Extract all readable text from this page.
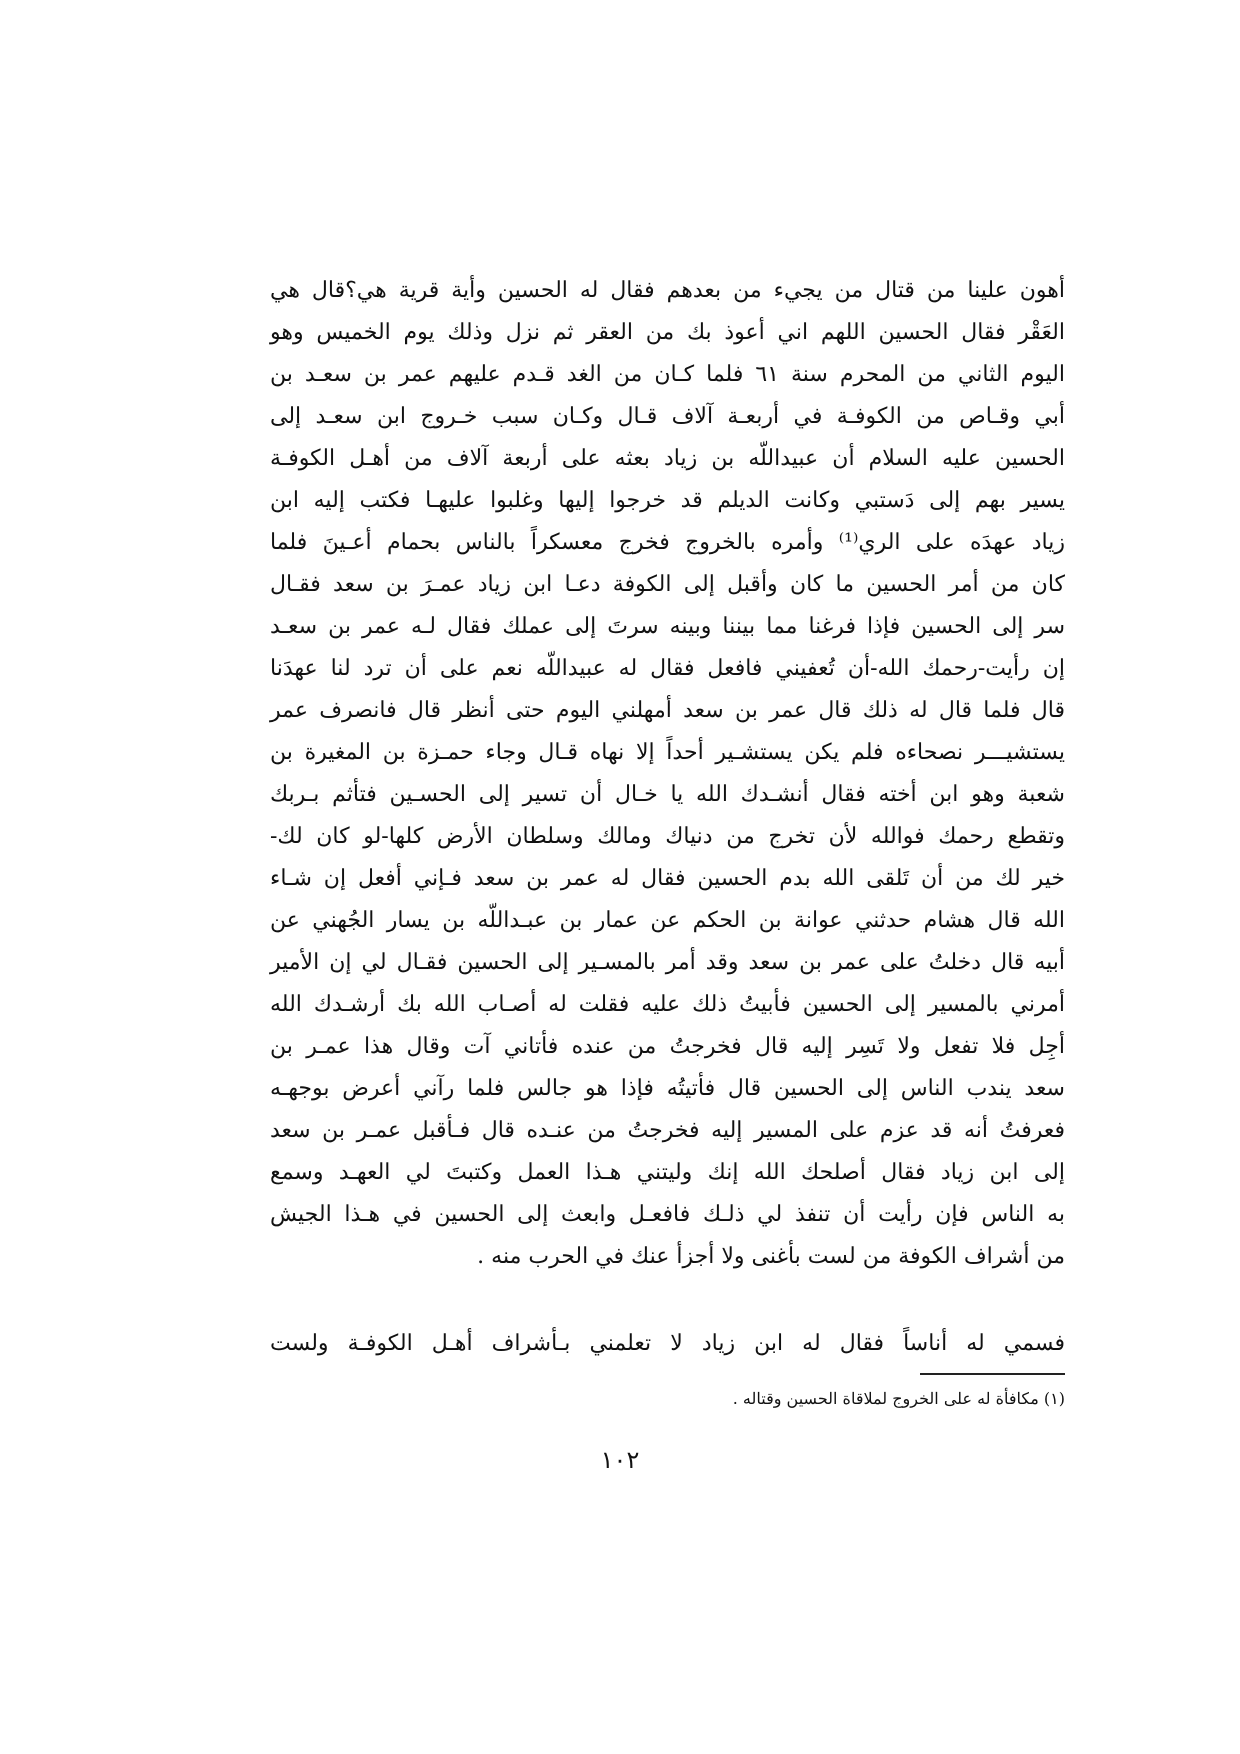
أهون علينا من قتال من يجيء من بعدهم فقال له الحسين وأية قرية هي؟قال هي
العَقْر فقال الحسين اللهم اني أعوذ بك من العقر ثم نزل وذلك يوم الخميس وهو
اليوم الثاني من المحرم سنة ٦١ فلما كـان من الغد قـدم عليهم عمر بن سعـد بن
أبي وقـاص من الكوفـة في أربعـة آلاف قـال وكـان سبب خـروج ابن سعـد إلى
الحسين عليه السلام أن عبيداللّه بن زياد بعثه على أربعة آلاف من أهـل الكوفـة
يسير بهم إلى دَستبي وكانت الديلم قد خرجوا إليها وغلبوا عليهـا فكتب إليه ابن
زياد عهدَه على الري⁽¹⁾ وأمره بالخروج فخرج معسكراً بالناس بحمام أعـينَ فلما
كان من أمر الحسين ما كان وأقبل إلى الكوفة دعـا ابن زياد عمـرَ بن سعد فقـال
سر إلى الحسين فإذا فرغنا مما بيننا وبينه سرتَ إلى عملك فقال لـه عمر بن سعـد
إن رأيت-رحمك الله-أن تُعفيني فافعل فقال له عبيداللّه نعم على أن ترد لنا عهدَنا
قال فلما قال له ذلك قال عمر بن سعد أمهلني اليوم حتى أنظر قال فانصرف عمر
يستشيـــر نصحاءه فلم يكن يستشـير أحداً إلا نهاه قـال وجاء حمـزة بن المغيرة بن
شعبة وهو ابن أخته فقال أنشـدك الله يا خـال أن تسير إلى الحسـين فتأثم بـربك
وتقطع رحمك فوالله لأن تخرج من دنياك ومالك وسلطان الأرض كلها-لو كان لك-
خير لك من أن تَلقى الله بدم الحسين فقال له عمر بن سعد فـإني أفعل إن شـاء
الله قال هشام حدثني عوانة بن الحكم عن عمار بن عبـداللّه بن يسار الجُهني عن
أبيه قال دخلتُ على عمر بن سعد وقد أمر بالمسـير إلى الحسين فقـال لي إن الأمير
أمرني بالمسير إلى الحسين فأبيتُ ذلك عليه فقلت له أصـاب الله بك أرشـدك الله
أجِل فلا تفعل ولا تَسِر إليه قال فخرجتُ من عنده فأتاني آت وقال هذا عمـر بن
سعد يندب الناس إلى الحسين قال فأتيتُه فإذا هو جالس فلما رآني أعرض بوجهـه
فعرفتُ أنه قد عزم على المسير إليه فخرجتُ من عنـده قال فـأقبل عمـر بن سعد
إلى ابن زياد فقال أصلحك الله إنك وليتني هـذا العمل وكتبتَ لي العهـد وسمع
به الناس فإن رأيت أن تنفذ لي ذلـك فافعـل وابعث إلى الحسين في هـذا الجيش
من أشراف الكوفة من لست بأغنى ولا أجزأ عنك في الحرب منه .
فسمي له أناساً فقال له ابن زياد لا تعلمني بـأشراف أهـل الكوفـة ولست
(١) مكافأة له على الخروج لملاقاة الحسين وقتاله .
١٠٢
